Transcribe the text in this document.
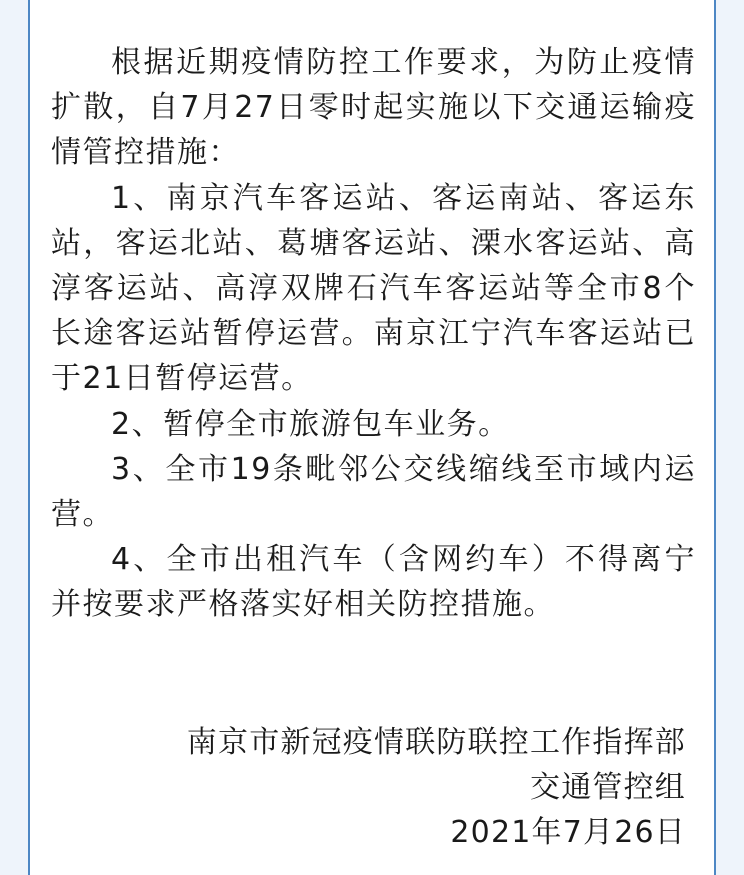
根据近期疫情防控工作要求，为防止疫情扩散，自7月27日零时起实施以下交通运输疫情管控措施：

1、南京汽车客运站、客运南站、客运东站，客运北站、葛塘客运站、溧水客运站、高淳客运站、高淳双牌石汽车客运站等全市8个长途客运站暂停运营。南京江宁汽车客运站已于21日暂停运营。

2、暂停全市旅游包车业务。

3、全市19条毗邻公交线缩线至市域内运营。

4、全市出租汽车（含网约车）不得离宁并按要求严格落实好相关防控措施。

南京市新冠疫情联防联控工作指挥部
交通管控组
2021年7月26日
